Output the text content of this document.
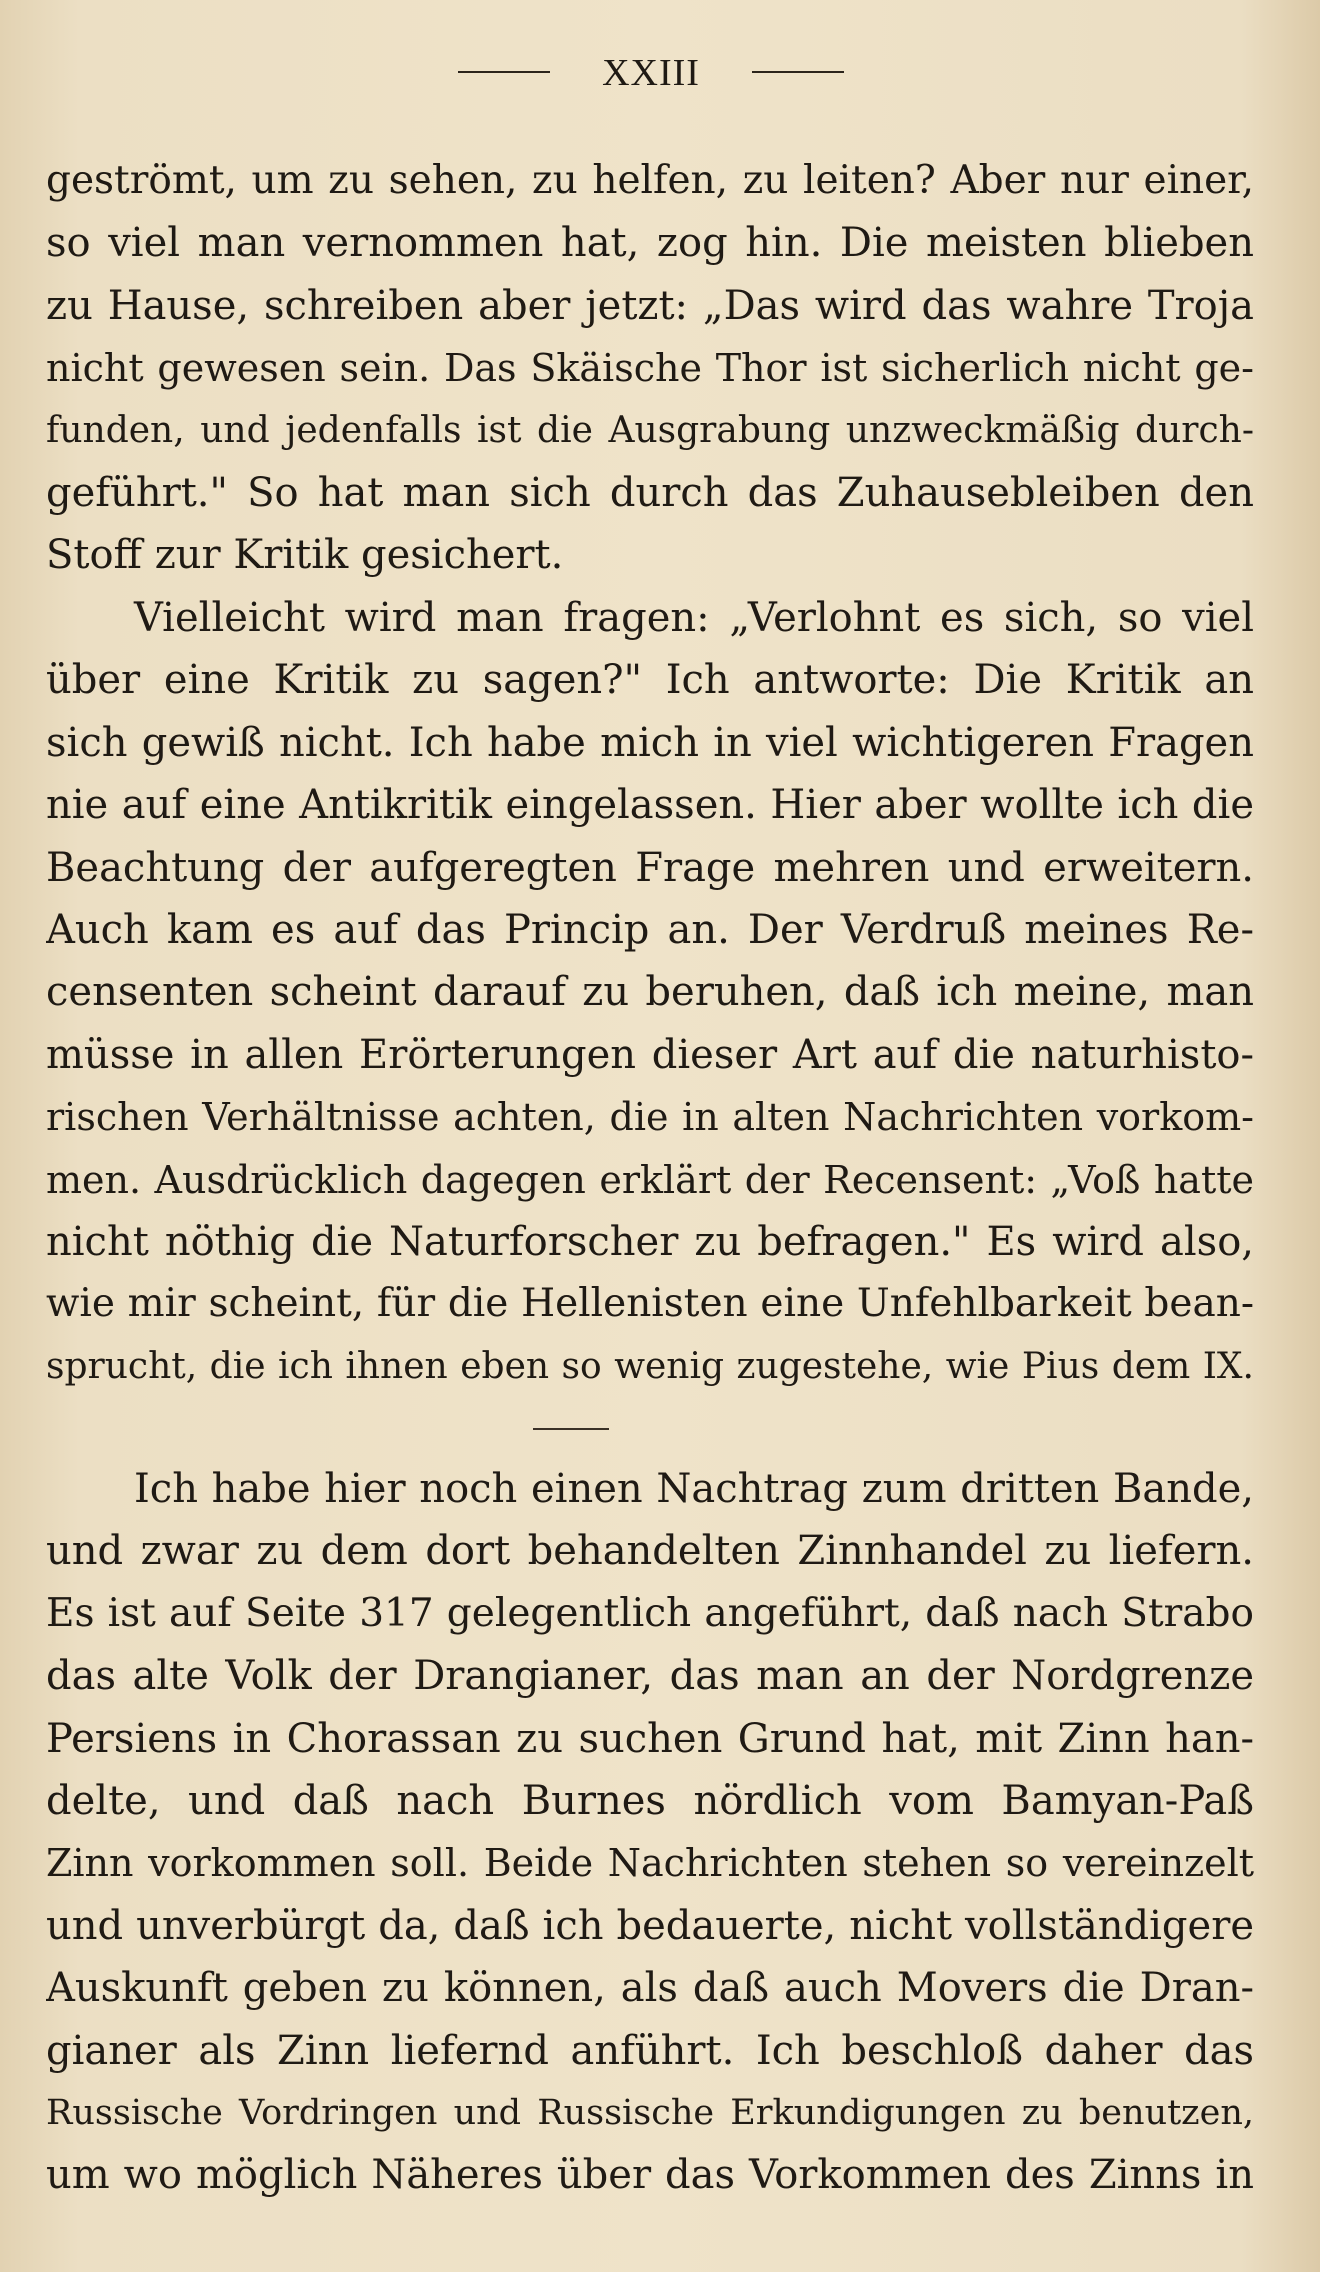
XXIII
geströmt, um zu sehen, zu helfen, zu leiten? Aber nur einer,
so viel man vernommen hat, zog hin. Die meisten blieben
zu Hause, schreiben aber jetzt: „Das wird das wahre Troja
nicht gewesen sein. Das Skäische Thor ist sicherlich nicht ge-
funden, und jedenfalls ist die Ausgrabung unzweckmäßig durch-
geführt." So hat man sich durch das Zuhausebleiben den
Stoff zur Kritik gesichert.
Vielleicht wird man fragen: „Verlohnt es sich, so viel
über eine Kritik zu sagen?" Ich antworte: Die Kritik an
sich gewiß nicht. Ich habe mich in viel wichtigeren Fragen
nie auf eine Antikritik eingelassen. Hier aber wollte ich die
Beachtung der aufgeregten Frage mehren und erweitern.
Auch kam es auf das Princip an. Der Verdruß meines Re-
censenten scheint darauf zu beruhen, daß ich meine, man
müsse in allen Erörterungen dieser Art auf die naturhisto-
rischen Verhältnisse achten, die in alten Nachrichten vorkom-
men. Ausdrücklich dagegen erklärt der Recensent: „Voß hatte
nicht nöthig die Naturforscher zu befragen." Es wird also,
wie mir scheint, für die Hellenisten eine Unfehlbarkeit bean-
sprucht, die ich ihnen eben so wenig zugestehe, wie Pius dem IX.
Ich habe hier noch einen Nachtrag zum dritten Bande,
und zwar zu dem dort behandelten Zinnhandel zu liefern.
Es ist auf Seite 317 gelegentlich angeführt, daß nach Strabo
das alte Volk der Drangianer, das man an der Nordgrenze
Persiens in Chorassan zu suchen Grund hat, mit Zinn han-
delte, und daß nach Burnes nördlich vom Bamyan-Paß
Zinn vorkommen soll. Beide Nachrichten stehen so vereinzelt
und unverbürgt da, daß ich bedauerte, nicht vollständigere
Auskunft geben zu können, als daß auch Movers die Dran-
gianer als Zinn liefernd anführt. Ich beschloß daher das
Russische Vordringen und Russische Erkundigungen zu benutzen,
um wo möglich Näheres über das Vorkommen des Zinns in
